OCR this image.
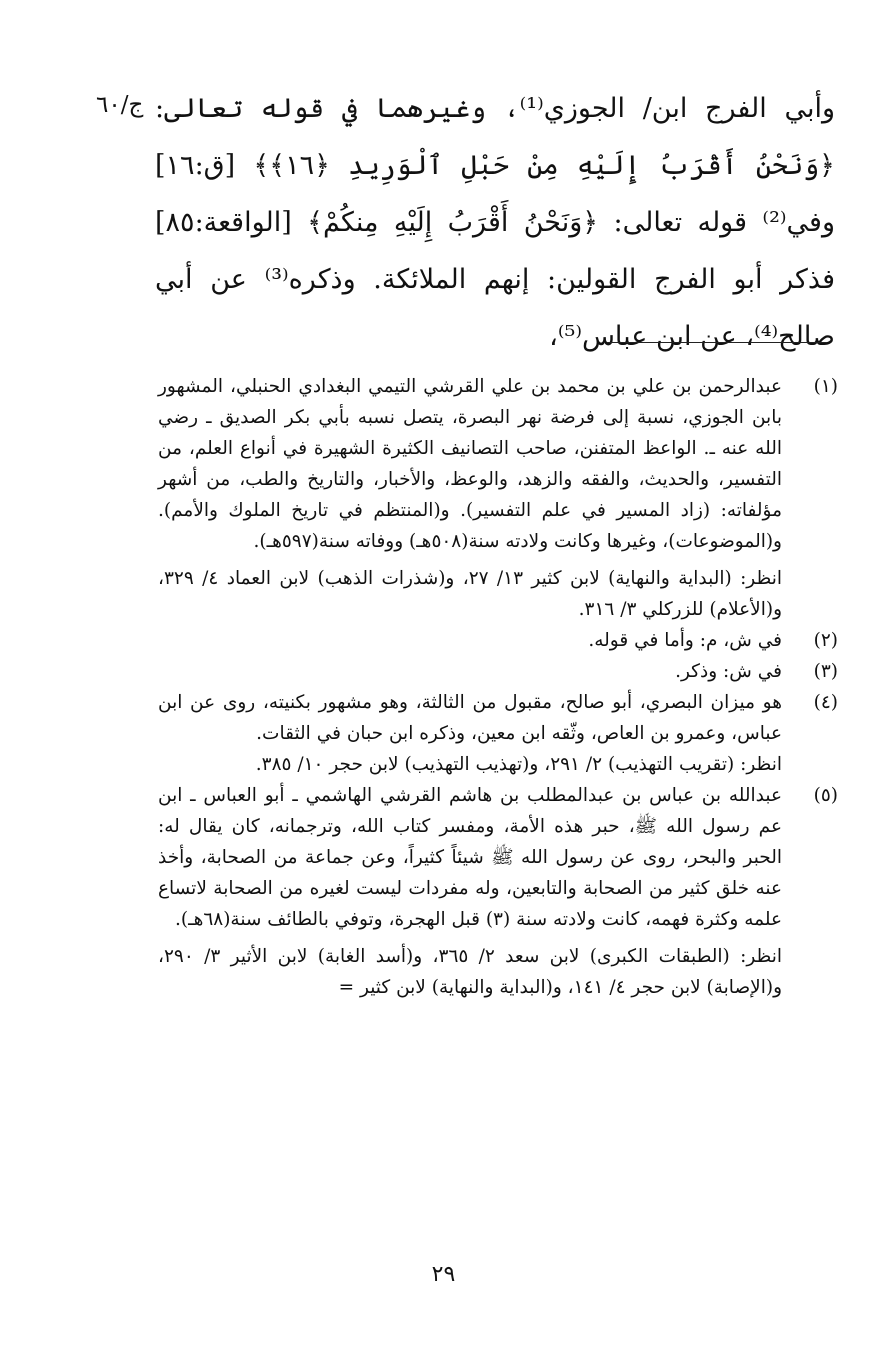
ج/٦٠ وأبي الفرج ابن/ الجوزي⁽¹⁾، وغيرهما في قوله تعالى: ﴿وَنَحْنُ أَقْرَبُ إِلَيْهِ مِنْ حَبْلِ ٱلْوَرِيدِ ﴿١٦﴾﴾ [ق:١٦] وفي⁽²⁾ قوله تعالى: ﴿وَنَحْنُ أَقْرَبُ إِلَيْهِ مِنكُمْ﴾ [الواقعة:٨٥] فذكر أبو الفرج القولين: إنهم الملائكة. وذكره⁽³⁾ عن أبي صالح⁽⁴⁾، عن ابن عباس⁽⁵⁾،

(١)

عبدالرحمن بن علي بن محمد بن علي القرشي التيمي البغدادي الحنبلي، المشهور بابن الجوزي، نسبة إلى فرضة نهر البصرة، يتصل نسبه بأبي بكر الصديق ـ رضي الله عنه ـ. الواعظ المتفنن، صاحب التصانيف الكثيرة الشهيرة في أنواع العلم، من التفسير، والحديث، والفقه والزهد، والوعظ، والأخبار، والتاريخ والطب، من أشهر مؤلفاته: (زاد المسير في علم التفسير). و(المنتظم في تاريخ الملوك والأمم). و(الموضوعات)، وغيرها وكانت ولادته سنة(٥٠٨هـ) ووفاته سنة(٥٩٧هـ).

انظر: (البداية والنهاية) لابن كثير ١٣/ ٢٧، و(شذرات الذهب) لابن العماد ٤/ ٣٢٩، و(الأعلام) للزركلي ٣/ ٣١٦.

(٢)

في ش، م: وأما في قوله.

(٣)

في ش: وذكر.

(٤)

هو ميزان البصري، أبو صالح، مقبول من الثالثة، وهو مشهور بكنيته، روى عن ابن عباس، وعمرو بن العاص، وثّقه ابن معين، وذكره ابن حبان في الثقات.

انظر: (تقريب التهذيب) ٢/ ٢٩١، و(تهذيب التهذيب) لابن حجر ١٠/ ٣٨٥.

(٥)

عبدالله بن عباس بن عبدالمطلب بن هاشم القرشي الهاشمي ـ أبو العباس ـ ابن عم رسول الله ﷺ، حبر هذه الأمة، ومفسر كتاب الله، وترجمانه، كان يقال له: الحبر والبحر، روى عن رسول الله ﷺ شيئاً كثيراً، وعن جماعة من الصحابة، وأخذ عنه خلق كثير من الصحابة والتابعين، وله مفردات ليست لغيره من الصحابة لاتساع علمه وكثرة فهمه، كانت ولادته سنة (٣) قبل الهجرة، وتوفي بالطائف سنة(٦٨هـ).

انظر: (الطبقات الكبرى) لابن سعد ٢/ ٣٦٥، و(أسد الغابة) لابن الأثير ٣/ ٢٩٠، و(الإصابة) لابن حجر ٤/ ١٤١، و(البداية والنهاية) لابن كثير =

٢٩
